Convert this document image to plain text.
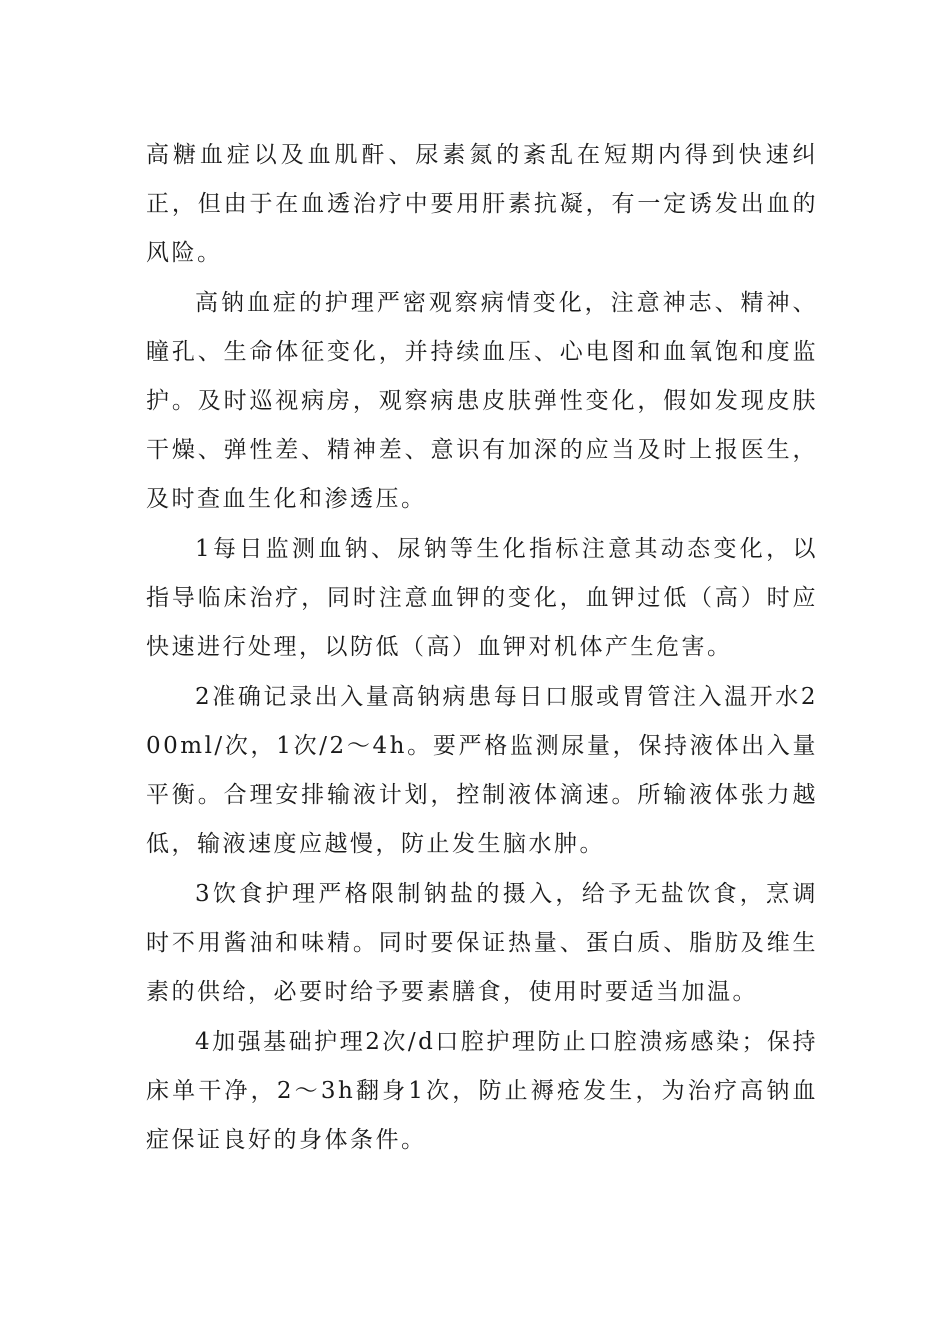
高糖血症以及血肌酐、尿素氮的紊乱在短期内得到快速纠正，但由于在血透治疗中要用肝素抗凝，有一定诱发出血的风险。

高钠血症的护理严密观察病情变化，注意神志、精神、瞳孔、生命体征变化，并持续血压、心电图和血氧饱和度监护。及时巡视病房，观察病患皮肤弹性变化，假如发现皮肤干燥、弹性差、精神差、意识有加深的应当及时上报医生，及时查血生化和渗透压。

1每日监测血钠、尿钠等生化指标注意其动态变化，以指导临床治疗，同时注意血钾的变化，血钾过低（高）时应快速进行处理，以防低（高）血钾对机体产生危害。

2准确记录出入量高钠病患每日口服或胃管注入温开水200ml/次，1次/2～4h。要严格监测尿量，保持液体出入量平衡。合理安排输液计划，控制液体滴速。所输液体张力越低，输液速度应越慢，防止发生脑水肿。

3饮食护理严格限制钠盐的摄入，给予无盐饮食，烹调时不用酱油和味精。同时要保证热量、蛋白质、脂肪及维生素的供给，必要时给予要素膳食，使用时要适当加温。

4加强基础护理2次/d口腔护理防止口腔溃疡感染；保持床单干净，2～3h翻身1次，防止褥疮发生，为治疗高钠血症保证良好的身体条件。
